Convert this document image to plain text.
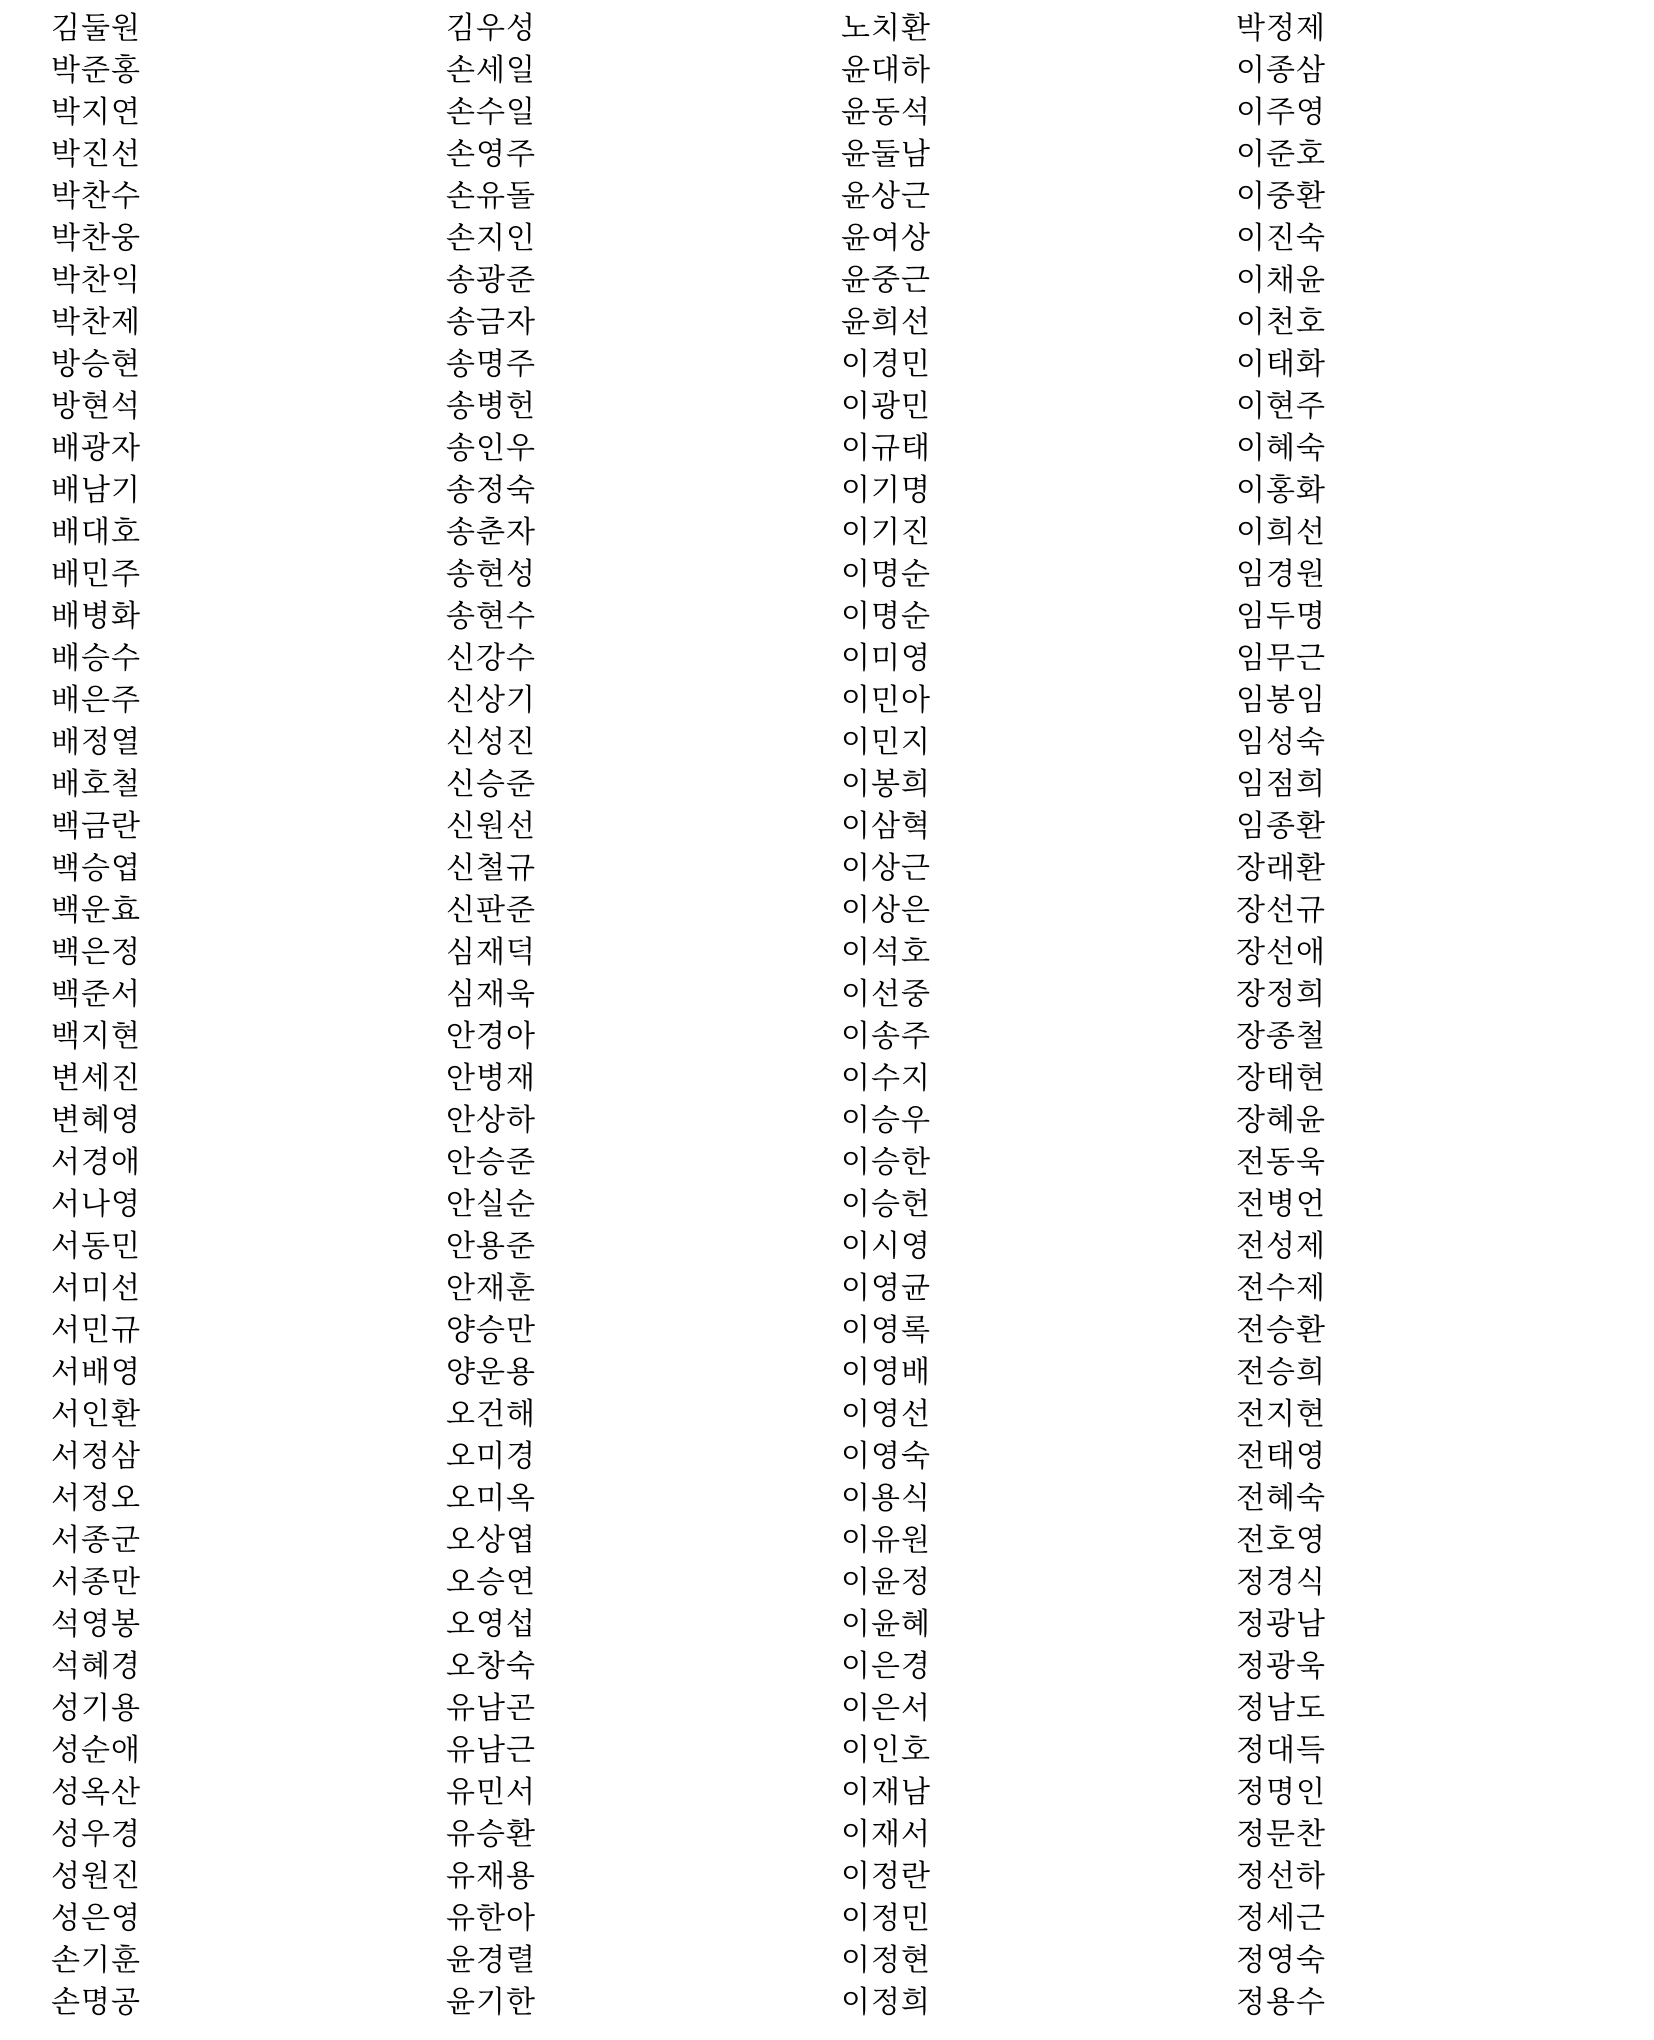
김둘원	김우성	노치환	박정제
박준홍	손세일	윤대하	이종삼
박지연	손수일	윤동석	이주영
박진선	손영주	윤둘남	이준호
박찬수	손유돌	윤상근	이중환
박찬웅	손지인	윤여상	이진숙
박찬익	송광준	윤중근	이채윤
박찬제	송금자	윤희선	이천호
방승현	송명주	이경민	이태화
방현석	송병헌	이광민	이현주
배광자	송인우	이규태	이혜숙
배남기	송정숙	이기명	이홍화
배대호	송춘자	이기진	이희선
배민주	송현성	이명순	임경원
배병화	송현수	이명순	임두명
배승수	신강수	이미영	임무근
배은주	신상기	이민아	임봉임
배정열	신성진	이민지	임성숙
배호철	신승준	이봉희	임점희
백금란	신원선	이삼혁	임종환
백승엽	신철규	이상근	장래환
백운효	신판준	이상은	장선규
백은정	심재덕	이석호	장선애
백준서	심재욱	이선중	장정희
백지현	안경아	이송주	장종철
변세진	안병재	이수지	장태현
변혜영	안상하	이승우	장혜윤
서경애	안승준	이승한	전동욱
서나영	안실순	이승헌	전병언
서동민	안용준	이시영	전성제
서미선	안재훈	이영균	전수제
서민규	양승만	이영록	전승환
서배영	양운용	이영배	전승희
서인환	오건해	이영선	전지현
서정삼	오미경	이영숙	전태영
서정오	오미옥	이용식	전혜숙
서종군	오상엽	이유원	전호영
서종만	오승연	이윤정	정경식
석영봉	오영섭	이윤혜	정광남
석혜경	오창숙	이은경	정광욱
성기용	유남곤	이은서	정남도
성순애	유남근	이인호	정대득
성옥산	유민서	이재남	정명인
성우경	유승환	이재서	정문찬
성원진	유재용	이정란	정선하
성은영	유한아	이정민	정세근
손기훈	윤경렬	이정현	정영숙
손명공	윤기한	이정희	정용수
